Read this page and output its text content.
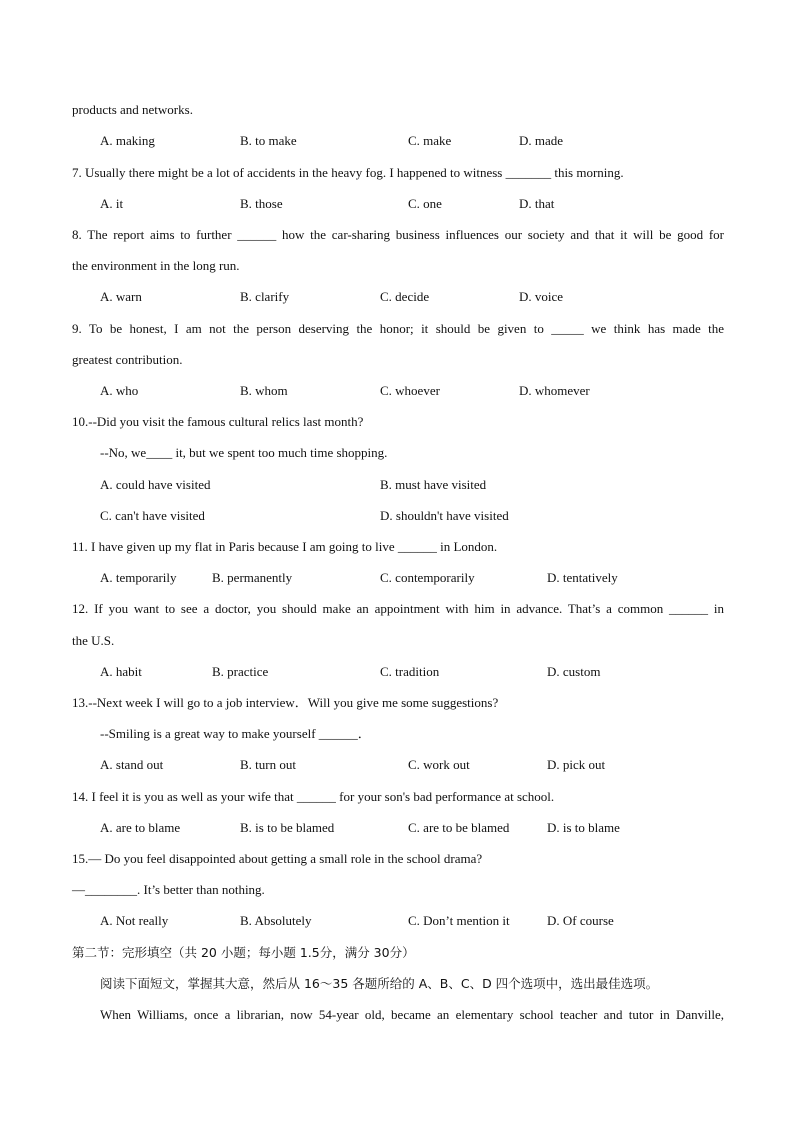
products and networks.
A. making	B. to make	C. make	D. made
7. Usually there might be a lot of accidents in the heavy fog. I happened to witness _______ this morning.
A. it	B. those	C. one	D. that
8. The report aims to further ______ how the car-sharing business influences our society and that it will be good for
the environment in the long run.
A. warn	B. clarify	C. decide	D. voice
9. To be honest, I am not the person deserving the honor; it should be given to _____ we think has made the
greatest contribution.
A. who	B. whom	C. whoever	D. whomever
10.--Did you visit the famous cultural relics last month?
--No, we____ it, but we spent too much time shopping.
A. could have visited	B. must have visited
C. can't have visited	D. shouldn't have visited
11. I have given up my flat in Paris because I am going to live ______ in London.
A. temporarily	B. permanently	C. contemporarily	D. tentatively
12. If you want to see a doctor, you should make an appointment with him in advance. That’s a common ______ in
the U.S.
A. habit	B. practice	C. tradition	D. custom
13.--Next week I will go to a job interview．Will you give me some suggestions?
--Smiling is a great way to make yourself ______．
A. stand out	B. turn out	C. work out	D. pick out
14. I feel it is you as well as your wife that ______ for your son's bad performance at school.
A. are to blame	B. is to be blamed	C. are to be blamed	D. is to blame
15.— Do you feel disappointed about getting a small role in the school drama?
—________. It’s better than nothing.
A. Not really	B. Absolutely	C. Don’t mention it	D. Of course
第二节：完形填空（共 20 小题；每小题 1.5分，满分 30分）
阅读下面短文，掌握其大意，然后从 16～35 各题所给的 A、B、C、D 四个选项中，选出最佳选项。
When Williams, once a librarian, now 54-year old, became an elementary school teacher and tutor in Danville,
